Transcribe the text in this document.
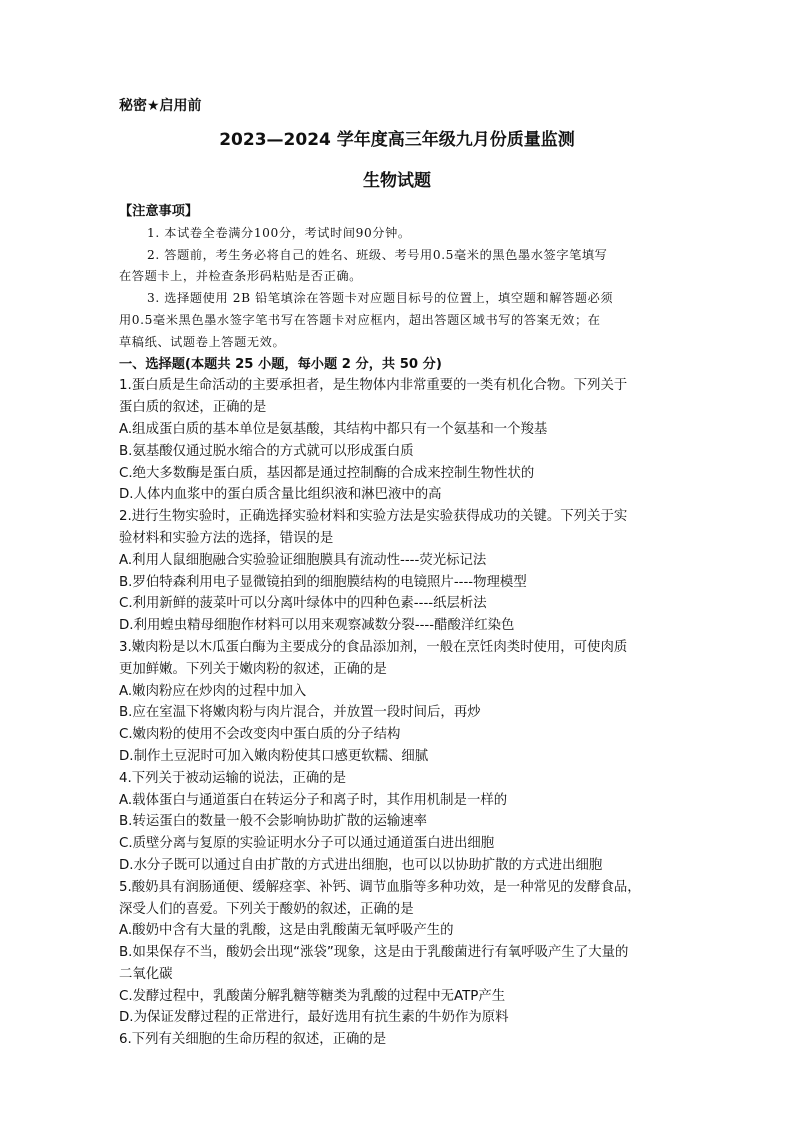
秘密★启用前
2023—2024 学年度高三年级九月份质量监测
生物试题
【注意事项】
1. 本试卷全卷满分100分，考试时间90分钟。
2. 答题前，考生务必将自己的姓名、班级、考号用0.5毫米的黑色墨水签字笔填写
在答题卡上，并检查条形码粘贴是否正确。
3. 选择题使用 2B 铅笔填涂在答题卡对应题目标号的位置上，填空题和解答题必须
用0.5毫米黑色墨水签字笔书写在答题卡对应框内，超出答题区域书写的答案无效；在
草稿纸、试题卷上答题无效。
一、选择题(本题共 25 小题，每小题 2 分，共 50 分)
1.蛋白质是生命活动的主要承担者，是生物体内非常重要的一类有机化合物。下列关于
蛋白质的叙述，正确的是
A.组成蛋白质的基本单位是氨基酸，其结构中都只有一个氨基和一个羧基
B.氨基酸仅通过脱水缩合的方式就可以形成蛋白质
C.绝大多数酶是蛋白质，基因都是通过控制酶的合成来控制生物性状的
D.人体内血浆中的蛋白质含量比组织液和淋巴液中的高
2.进行生物实验时，正确选择实验材料和实验方法是实验获得成功的关键。下列关于实
验材料和实验方法的选择，错误的是
A.利用人鼠细胞融合实验验证细胞膜具有流动性----荧光标记法
B.罗伯特森利用电子显微镜拍到的细胞膜结构的电镜照片----物理模型
C.利用新鲜的菠菜叶可以分离叶绿体中的四种色素----纸层析法
D.利用蝗虫精母细胞作材料可以用来观察减数分裂----醋酸洋红染色
3.嫩肉粉是以木瓜蛋白酶为主要成分的食品添加剂，一般在烹饪肉类时使用，可使肉质
更加鲜嫩。下列关于嫩肉粉的叙述，正确的是
A.嫩肉粉应在炒肉的过程中加入
B.应在室温下将嫩肉粉与肉片混合，并放置一段时间后，再炒
C.嫩肉粉的使用不会改变肉中蛋白质的分子结构
D.制作土豆泥时可加入嫩肉粉使其口感更软糯、细腻
4.下列关于被动运输的说法，正确的是
A.载体蛋白与通道蛋白在转运分子和离子时，其作用机制是一样的
B.转运蛋白的数量一般不会影响协助扩散的运输速率
C.质壁分离与复原的实验证明水分子可以通过通道蛋白进出细胞
D.水分子既可以通过自由扩散的方式进出细胞，也可以以协助扩散的方式进出细胞
5.酸奶具有润肠通便、缓解痉挛、补钙、调节血脂等多种功效，是一种常见的发酵食品，
深受人们的喜爱。下列关于酸奶的叙述，正确的是
A.酸奶中含有大量的乳酸，这是由乳酸菌无氧呼吸产生的
B.如果保存不当，酸奶会出现“涨袋”现象，这是由于乳酸菌进行有氧呼吸产生了大量的
二氧化碳
C.发酵过程中，乳酸菌分解乳糖等糖类为乳酸的过程中无ATP产生
D.为保证发酵过程的正常进行，最好选用有抗生素的牛奶作为原料
6.下列有关细胞的生命历程的叙述，正确的是
